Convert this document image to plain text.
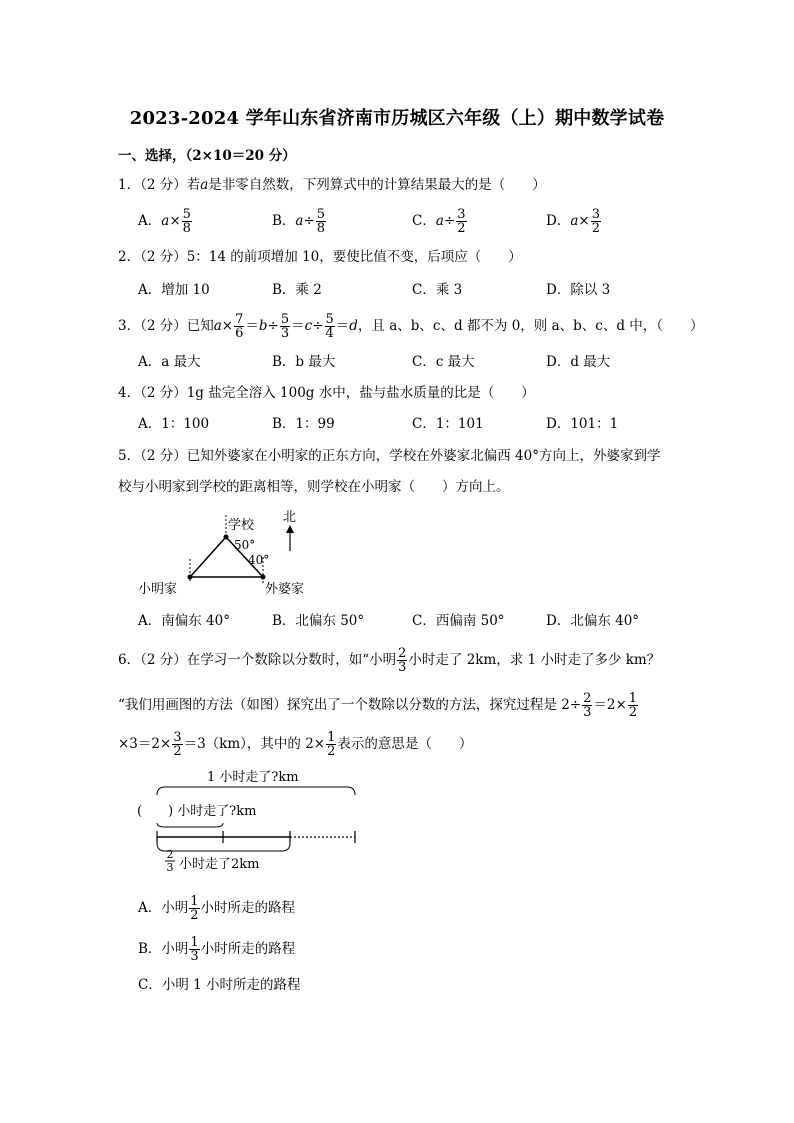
2023-2024 学年山东省济南市历城区六年级（上）期中数学试卷
一、选择，（2×10＝20 分）
1．（2 分）若a是非零自然数，下列算式中的计算结果最大的是（　　）
A．$a\times \frac{5}{8}$	B．$a\div \frac{5}{8}$	C．$a\div \frac{3}{2}$	D．$a\times \frac{3}{2}$
2．（2 分）5：14 的前项增加 10，要使比值不变，后项应（　　）
A．增加 10	B．乘 2	C．乘 3	D．除以 3
3．（2 分）已知$a\times \frac{7}{6} =b\div \frac{5}{3} =c\div \frac{5}{4} =d$，且 a、b、c、d 都不为 0，则 a、b、c、d 中，（　　）
A．a 最大	B．b 最大	C．c 最大	D．d 最大
4．（2 分）1g 盐完全溶入 100g 水中，盐与盐水质量的比是（　　）
A．1：100	B．1：99	C．1：101	D．101：1
5．（2 分）已知外婆家在小明家的正东方向，学校在外婆家北偏西 40°方向上，外婆家到学
校与小明家到学校的距离相等，则学校在小明家（　　）方向上。
学校
50°
40°
小明家	外婆家
北
A．南偏东 40°	B．北偏东 50°	C．西偏南 50°	D．北偏东 40°
6．（2 分）在学习一个数除以分数时，如“小明 $\frac{2}{3}$ 小时走了 2km，求 1 小时走了多少 km？
“我们用画图的方法（如图）探究出了一个数除以分数的方法，探究过程是 $2\div \frac{2}{3} =2\times \frac{1}{2}$
$\times 3=2\times \frac{3}{2} =3(km)$，其中的 $2\times \frac{1}{2}$ 表示的意思是（　　）
1 小时走了?km
(　　) 小时走了?km
2
3 小时走了2km
A．小明 $\frac{1}{2}$ 小时所走的路程
B．小明 $\frac{1}{3}$ 小时所走的路程
C．小明 1 小时所走的路程
